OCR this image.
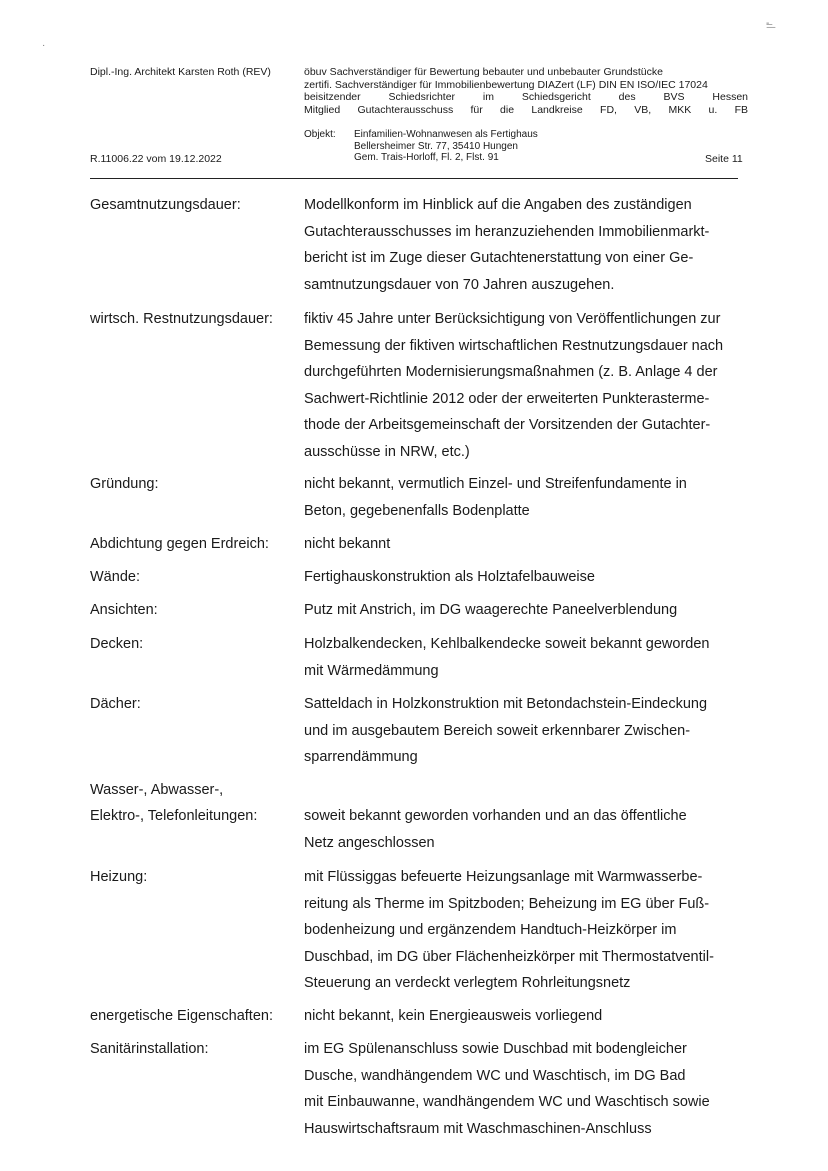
-̶͟
·
Dipl.-Ing. Architekt Karsten Roth (REV)	öbuv Sachverständiger für Bewertung bebauter und unbebauter Grundstücke
zertifi. Sachverständiger für Immobilienbewertung DIAZert (LF) DIN EN ISO/IEC 17024
beisitzender Schiedsrichter im Schiedsgericht des BVS Hessen
Mitglied Gutachterausschuss für die Landkreise FD, VB, MKK u. FB
Objekt: Einfamilien-Wohnanwesen als Fertighaus
Bellersheimer Str. 77, 35410 Hungen
Gem. Trais-Horloff, Fl. 2, Flst. 91
R.11006.22 vom 19.12.2022	Seite 11
Gesamtnutzungsdauer:	Modellkonform im Hinblick auf die Angaben des zuständigen
Gutachterausschusses im heranzuziehenden Immobilienmarkt-
bericht ist im Zuge dieser Gutachtenerstattung von einer Ge-
samtnutzungsdauer von 70 Jahren auszugehen.
wirtsch. Restnutzungsdauer: fiktiv 45 Jahre unter Berücksichtigung von Veröffentlichungen zur
Bemessung der fiktiven wirtschaftlichen Restnutzungsdauer nach
durchgeführten Modernisierungsmaßnahmen (z. B. Anlage 4 der
Sachwert-Richtlinie 2012 oder der erweiterten Punkterasterme-
thode der Arbeitsgemeinschaft der Vorsitzenden der Gutachter-
ausschüsse in NRW, etc.)
Gründung:	nicht bekannt, vermutlich Einzel- und Streifenfundamente in
Beton, gegebenenfalls Bodenplatte
Abdichtung gegen Erdreich: nicht bekannt
Wände:	Fertighauskonstruktion als Holztafelbauweise
Ansichten:	Putz mit Anstrich, im DG waagerechte Paneelverblendung
Decken:	Holzbalkendecken, Kehlbalkendecke soweit bekannt geworden
mit Wärmedämmung
Dächer:	Satteldach in Holzkonstruktion mit Betondachstein-Eindeckung
und im ausgebautem Bereich soweit erkennbarer Zwischen-
sparrendämmung
Wasser-, Abwasser-,
Elektro-, Telefonleitungen:	soweit bekannt geworden vorhanden und an das öffentliche
Netz angeschlossen
Heizung:	mit Flüssiggas befeuerte Heizungsanlage mit Warmwasserbe-
reitung als Therme im Spitzboden; Beheizung im EG über Fuß-
bodenheizung und ergänzendem Handtuch-Heizkörper im
Duschbad, im DG über Flächenheizkörper mit Thermostatventil-
Steuerung an verdeckt verlegtem Rohrleitungsnetz
energetische Eigenschaften: nicht bekannt, kein Energieausweis vorliegend
Sanitärinstallation:	im EG Spülenanschluss sowie Duschbad mit bodengleicher
Dusche, wandhängendem WC und Waschtisch, im DG Bad
mit Einbauwanne, wandhängendem WC und Waschtisch sowie
Hauswirtschaftsraum mit Waschmaschinen-Anschluss
